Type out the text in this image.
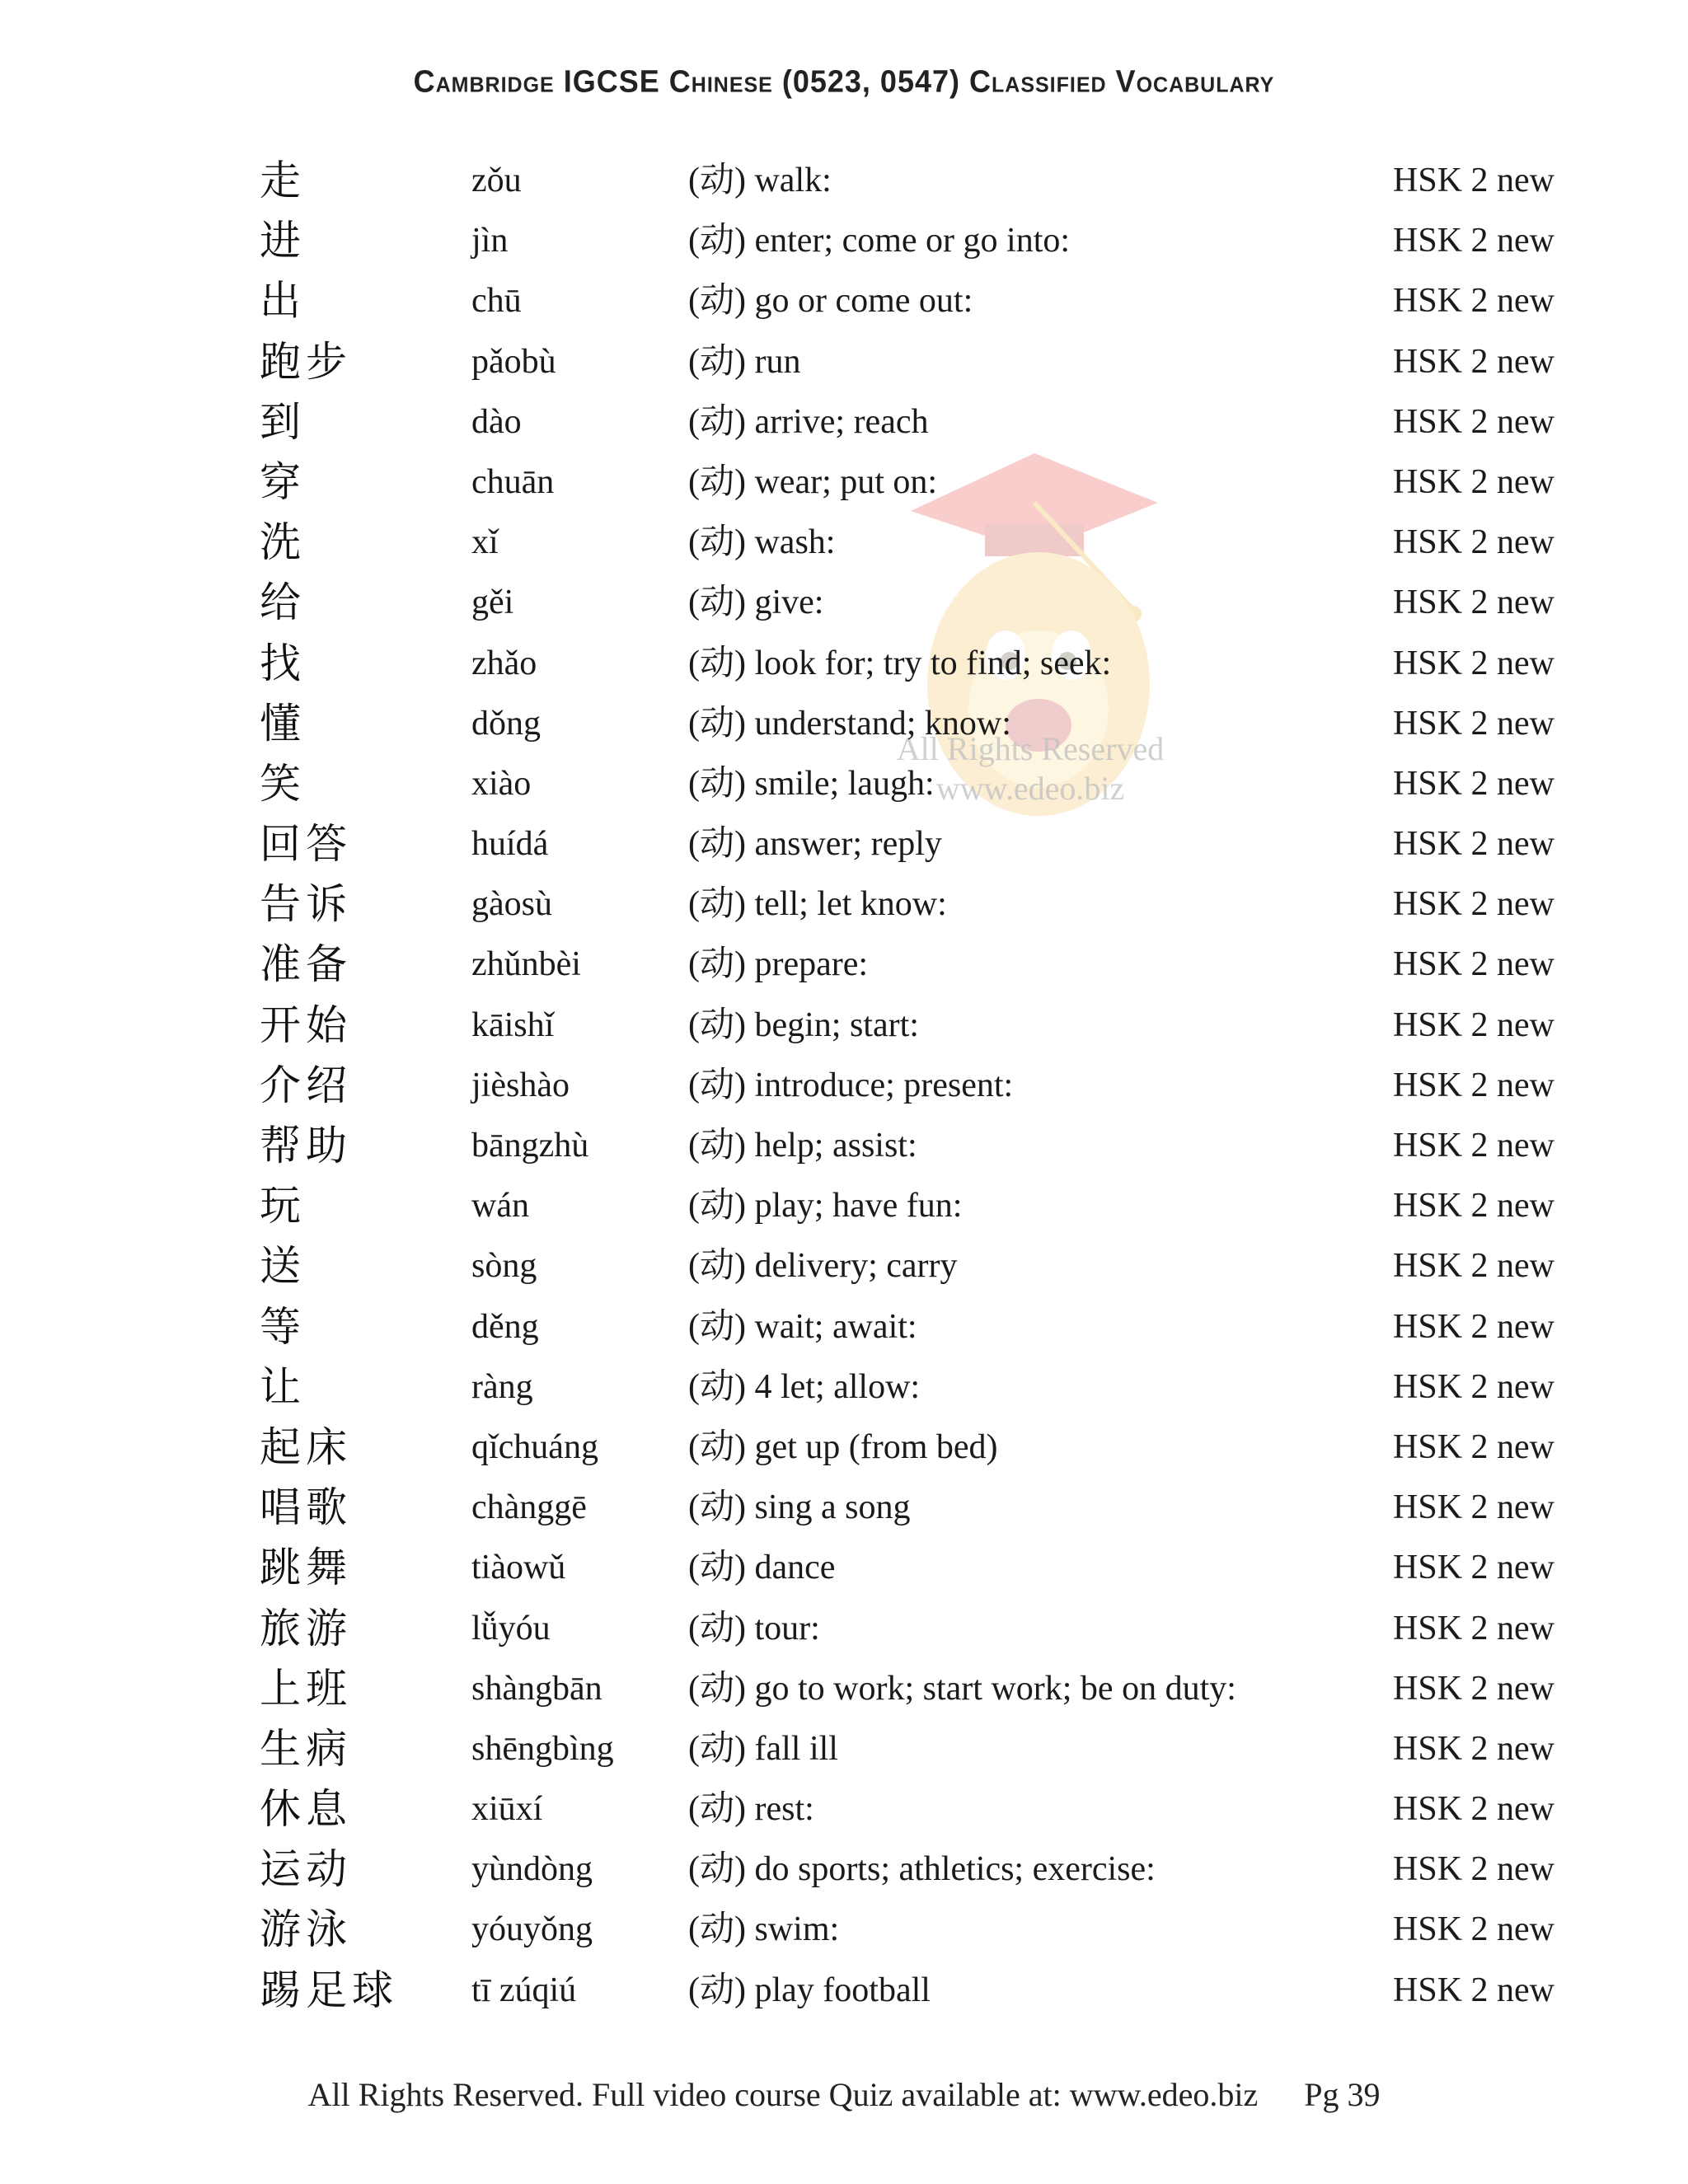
Cambridge IGCSE Chinese (0523, 0547) Classified Vocabulary
All Rights Reserved
www.edeo.biz
走	zǒu	(动) walk:	HSK 2 new
进	jìn	(动) enter; come or go into:	HSK 2 new
出	chū	(动) go or come out:	HSK 2 new
跑步	pǎobù	(动) run	HSK 2 new
到	dào	(动) arrive; reach	HSK 2 new
穿	chuān	(动) wear; put on:	HSK 2 new
洗	xǐ	(动) wash:	HSK 2 new
给	gěi	(动) give:	HSK 2 new
找	zhǎo	(动) look for; try to find; seek:	HSK 2 new
懂	dǒng	(动) understand; know:	HSK 2 new
笑	xiào	(动) smile; laugh:	HSK 2 new
回答	huídá	(动) answer; reply	HSK 2 new
告诉	gàosù	(动) tell; let know:	HSK 2 new
准备	zhǔnbèi	(动) prepare:	HSK 2 new
开始	kāishǐ	(动) begin; start:	HSK 2 new
介绍	jièshào	(动) introduce; present:	HSK 2 new
帮助	bāngzhù	(动) help; assist:	HSK 2 new
玩	wán	(动) play; have fun:	HSK 2 new
送	sòng	(动) delivery; carry	HSK 2 new
等	děng	(动) wait; await:	HSK 2 new
让	ràng	(动) 4 let; allow:	HSK 2 new
起床	qǐchuáng	(动) get up (from bed)	HSK 2 new
唱歌	chànggē	(动) sing a song	HSK 2 new
跳舞	tiàowǔ	(动) dance	HSK 2 new
旅游	lǚyóu	(动) tour:	HSK 2 new
上班	shàngbān (动) go to work; start work; be on duty:	HSK 2 new
生病	shēngbìng (动) fall ill	HSK 2 new
休息	xiūxí	(动) rest:	HSK 2 new
运动	yùndòng	(动) do sports; athletics; exercise:	HSK 2 new
游泳	yóuyǒng	(动) swim:	HSK 2 new
踢足球 tī zúqiú	(动) play football	HSK 2 new
All Rights Reserved. Full video course Quiz available at: www.edeo.biz Pg 39
